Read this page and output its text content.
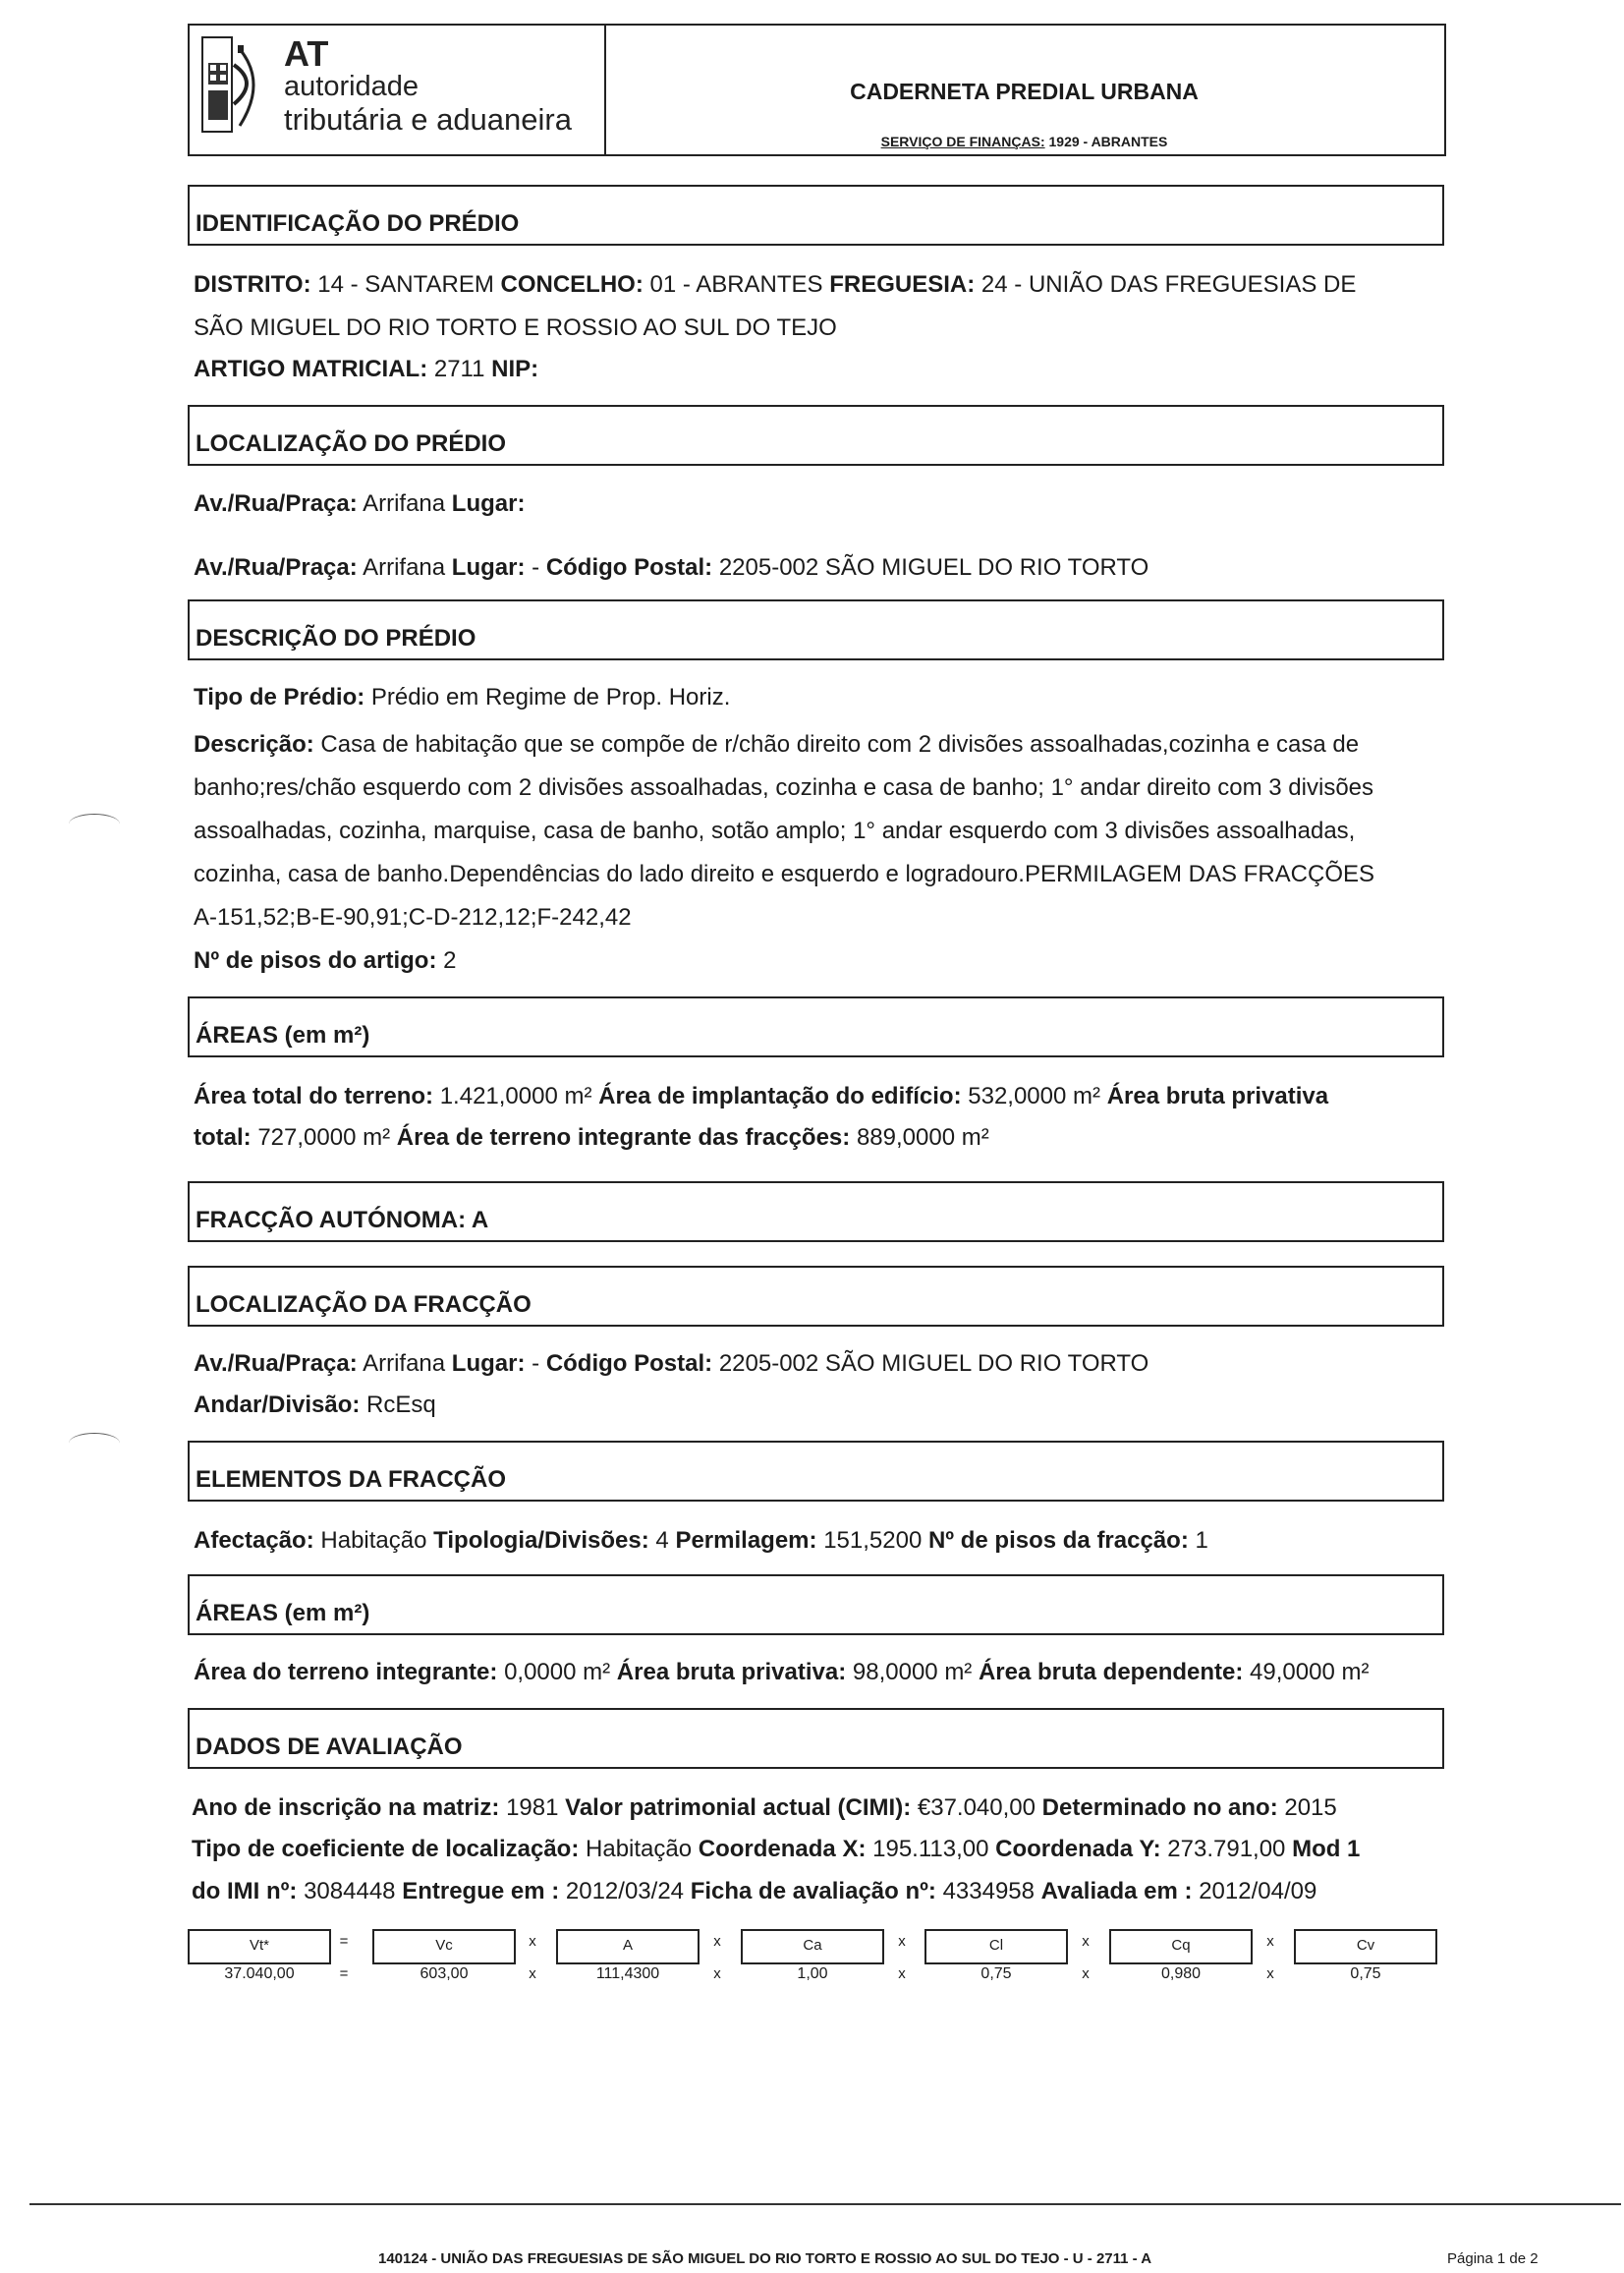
AT
autoridade
tributária e aduaneira
CADERNETA PREDIAL URBANA
SERVIÇO DE FINANÇAS: 1929 - ABRANTES
IDENTIFICAÇÃO DO PRÉDIO
DISTRITO: 14 - SANTAREM CONCELHO: 01 - ABRANTES FREGUESIA: 24 - UNIÃO DAS FREGUESIAS DE
SÃO MIGUEL DO RIO TORTO E ROSSIO AO SUL DO TEJO
ARTIGO MATRICIAL: 2711 NIP:
LOCALIZAÇÃO DO PRÉDIO
Av./Rua/Praça: Arrifana Lugar:
Av./Rua/Praça: Arrifana Lugar: - Código Postal: 2205-002 SÃO MIGUEL DO RIO TORTO
DESCRIÇÃO DO PRÉDIO
Tipo de Prédio: Prédio em Regime de Prop. Horiz.
Descrição: Casa de habitação que se compõe de r/chão direito com 2 divisões assoalhadas,cozinha e casa de
banho;res/chão esquerdo com 2 divisões assoalhadas, cozinha e casa de banho; 1° andar direito com 3 divisões
assoalhadas, cozinha, marquise, casa de banho, sotão amplo; 1° andar esquerdo com 3 divisões assoalhadas,
cozinha, casa de banho.Dependências do lado direito e esquerdo e logradouro.PERMILAGEM DAS FRACÇÕES
A-151,52;B-E-90,91;C-D-212,12;F-242,42
Nº de pisos do artigo: 2
ÁREAS (em m²)
Área total do terreno: 1.421,0000 m² Área de implantação do edifício: 532,0000 m² Área bruta privativa
total: 727,0000 m² Área de terreno integrante das fracções: 889,0000 m²
FRACÇÃO AUTÓNOMA: A
LOCALIZAÇÃO DA FRACÇÃO
Av./Rua/Praça: Arrifana Lugar: - Código Postal: 2205-002 SÃO MIGUEL DO RIO TORTO
Andar/Divisão: RcEsq
ELEMENTOS DA FRACÇÃO
Afectação: Habitação Tipologia/Divisões: 4 Permilagem: 151,5200 Nº de pisos da fracção: 1
ÁREAS (em m²)
Área do terreno integrante: 0,0000 m² Área bruta privativa: 98,0000 m² Área bruta dependente: 49,0000 m²
DADOS DE AVALIAÇÃO
Ano de inscrição na matriz: 1981 Valor patrimonial actual (CIMI): €37.040,00 Determinado no ano: 2015
Tipo de coeficiente de localização: Habitação Coordenada X: 195.113,00 Coordenada Y: 273.791,00 Mod 1
do IMI nº: 3084448 Entregue em : 2012/03/24 Ficha de avaliação nº: 4334958 Avaliada em : 2012/04/09
Vt*	=	Vc	x	A	x	Ca	x	Cl	x	Cq	x	Cv
37.040,00	=	603,00	x	111,4300	x	1,00	x	0,75	x	0,980	x	0,75
140124 - UNIÃO DAS FREGUESIAS DE SÃO MIGUEL DO RIO TORTO E ROSSIO AO SUL DO TEJO - U - 2711 - A	Página 1 de 2
